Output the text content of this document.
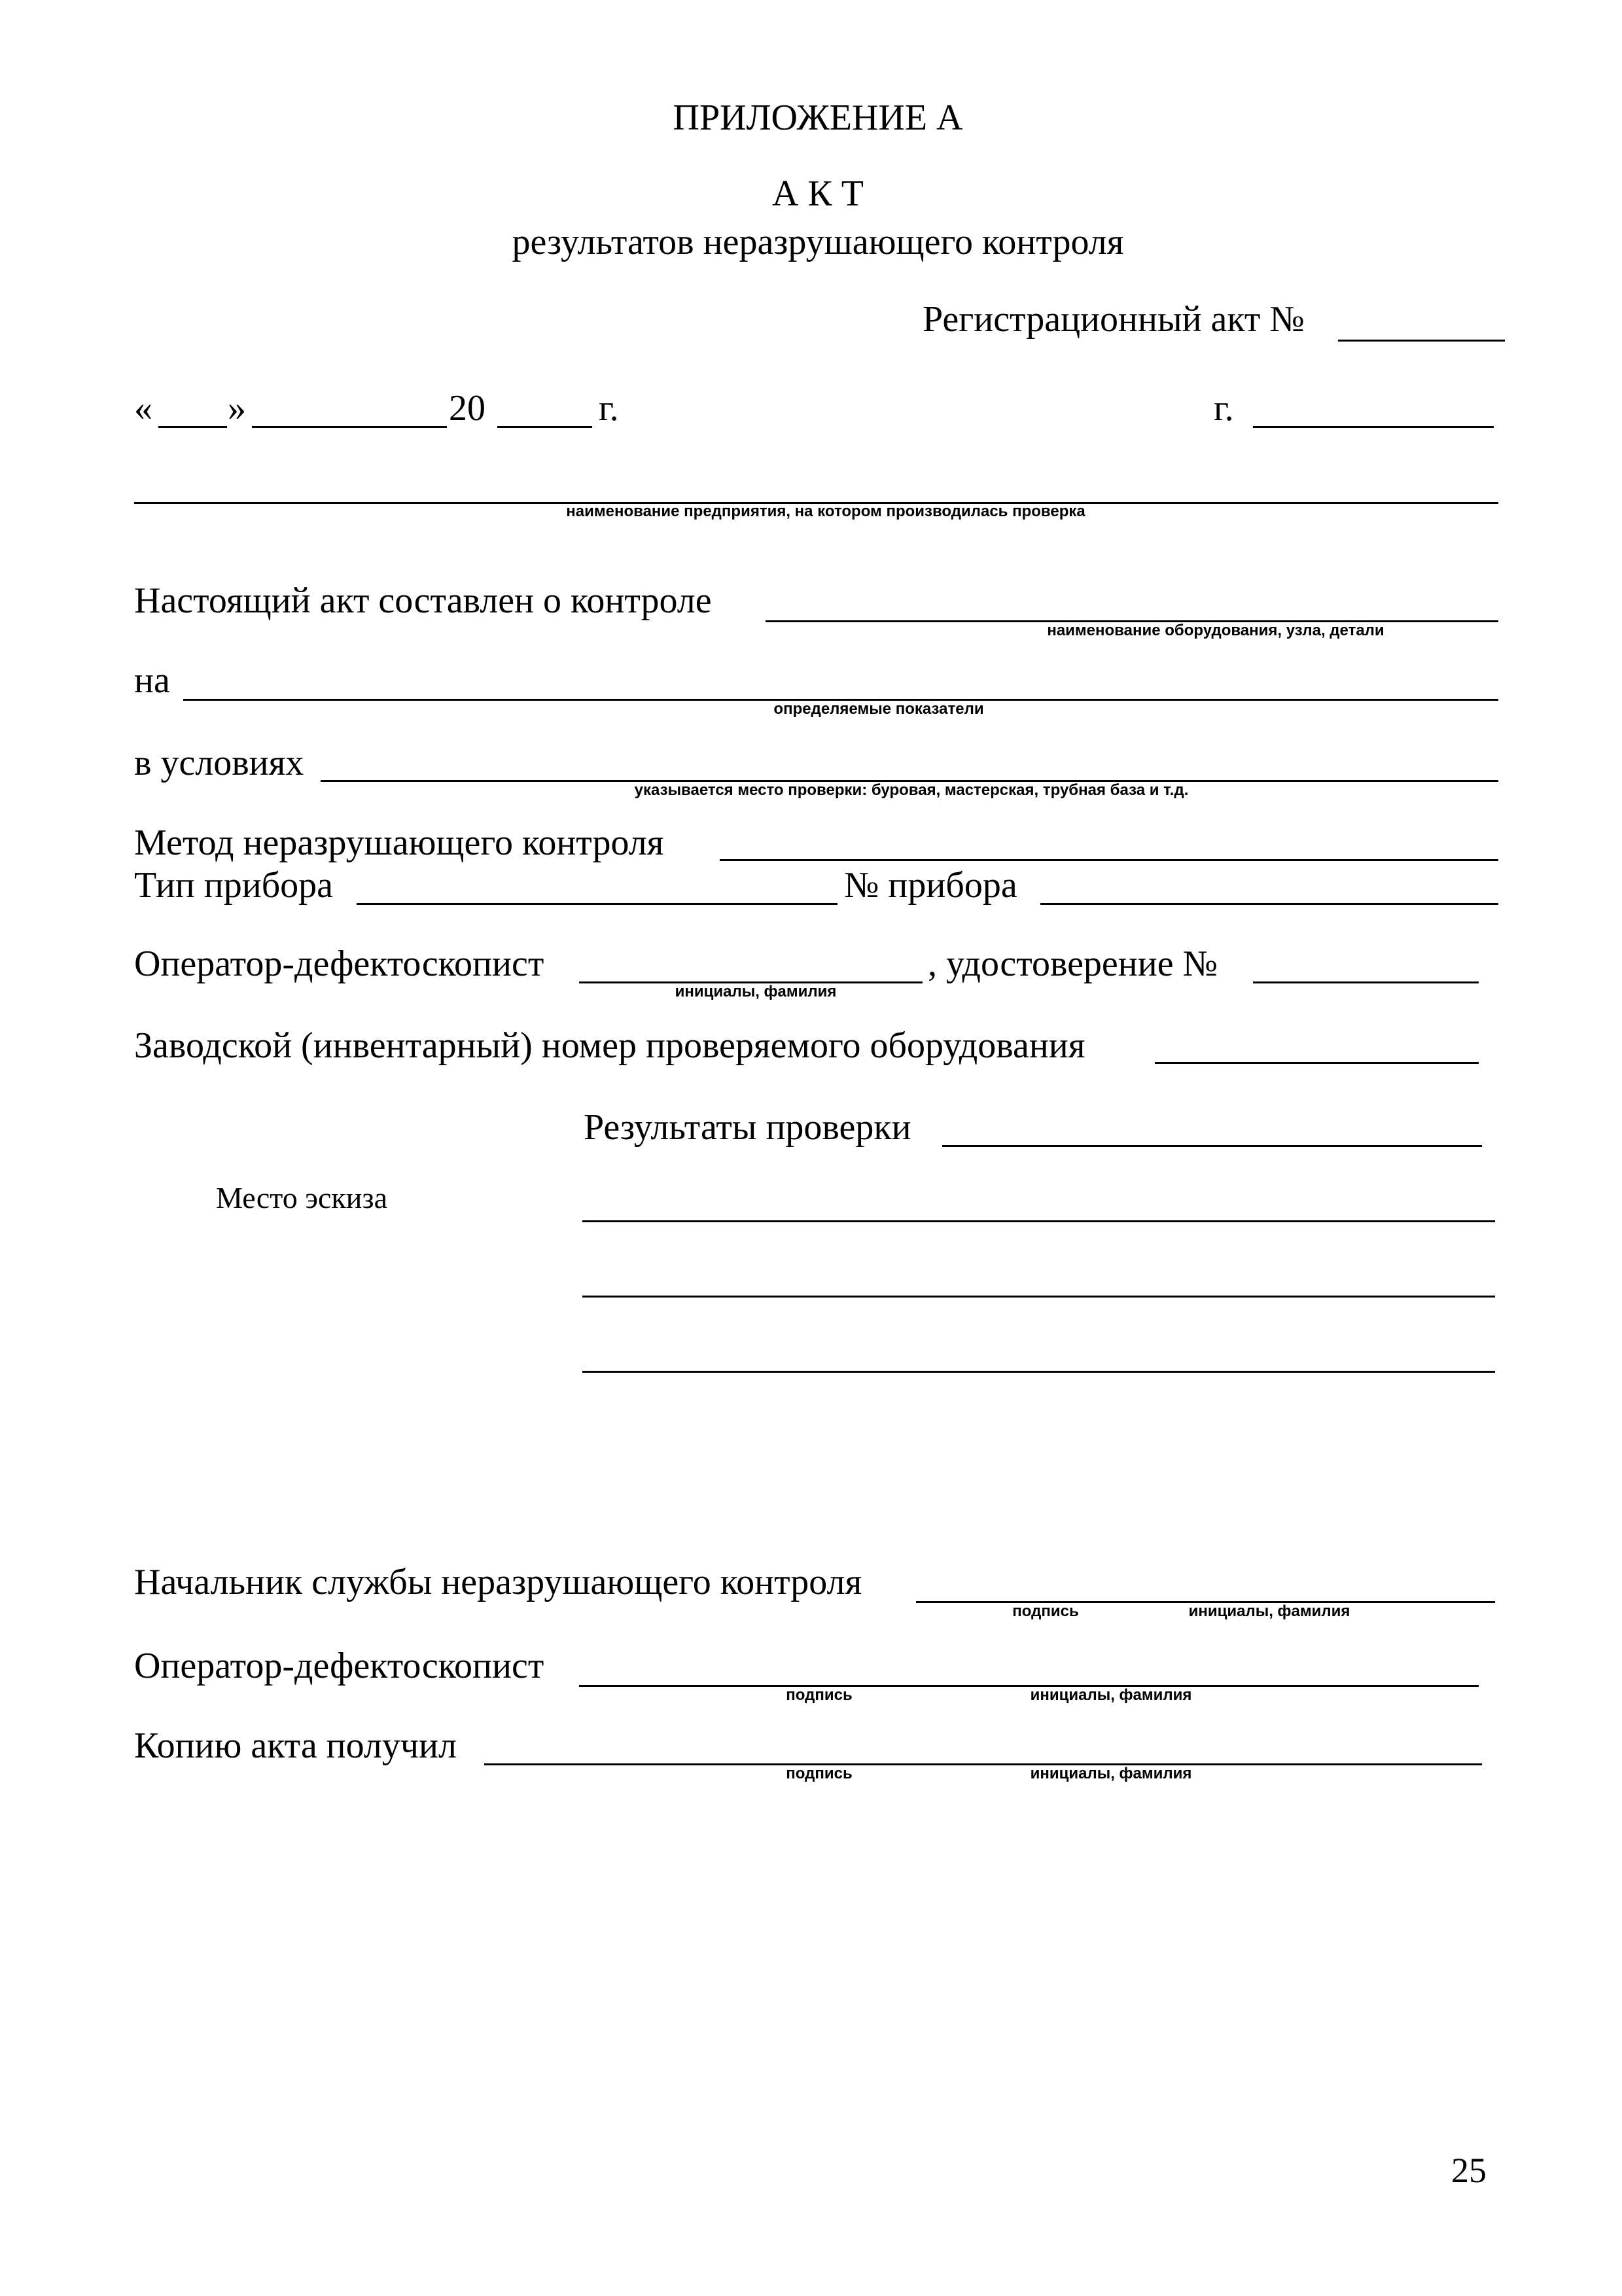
ПРИЛОЖЕНИЕ А
А К Т
результатов неразрушающего контроля
Регистрационный акт №
« »	20	г.	г.
наименование предприятия, на котором производилась проверка
Настоящий акт составлен о контроле
наименование оборудования, узла, детали
на
определяемые показатели
в условиях
указывается место проверки: буровая, мастерская, трубная база и т.д.
Метод неразрушающего контроля
Тип прибора	№ прибора
Оператор-дефектоскопист
инициалы, фамилия
, удостоверение №
Заводской (инвентарный) номер проверяемого оборудования
Результаты проверки
Место эскиза
Начальник службы неразрушающего контроля
подпись	инициалы, фамилия
Оператор-дефектоскопист
подпись	инициалы, фамилия
Копию акта получил
подпись	инициалы, фамилия
25
